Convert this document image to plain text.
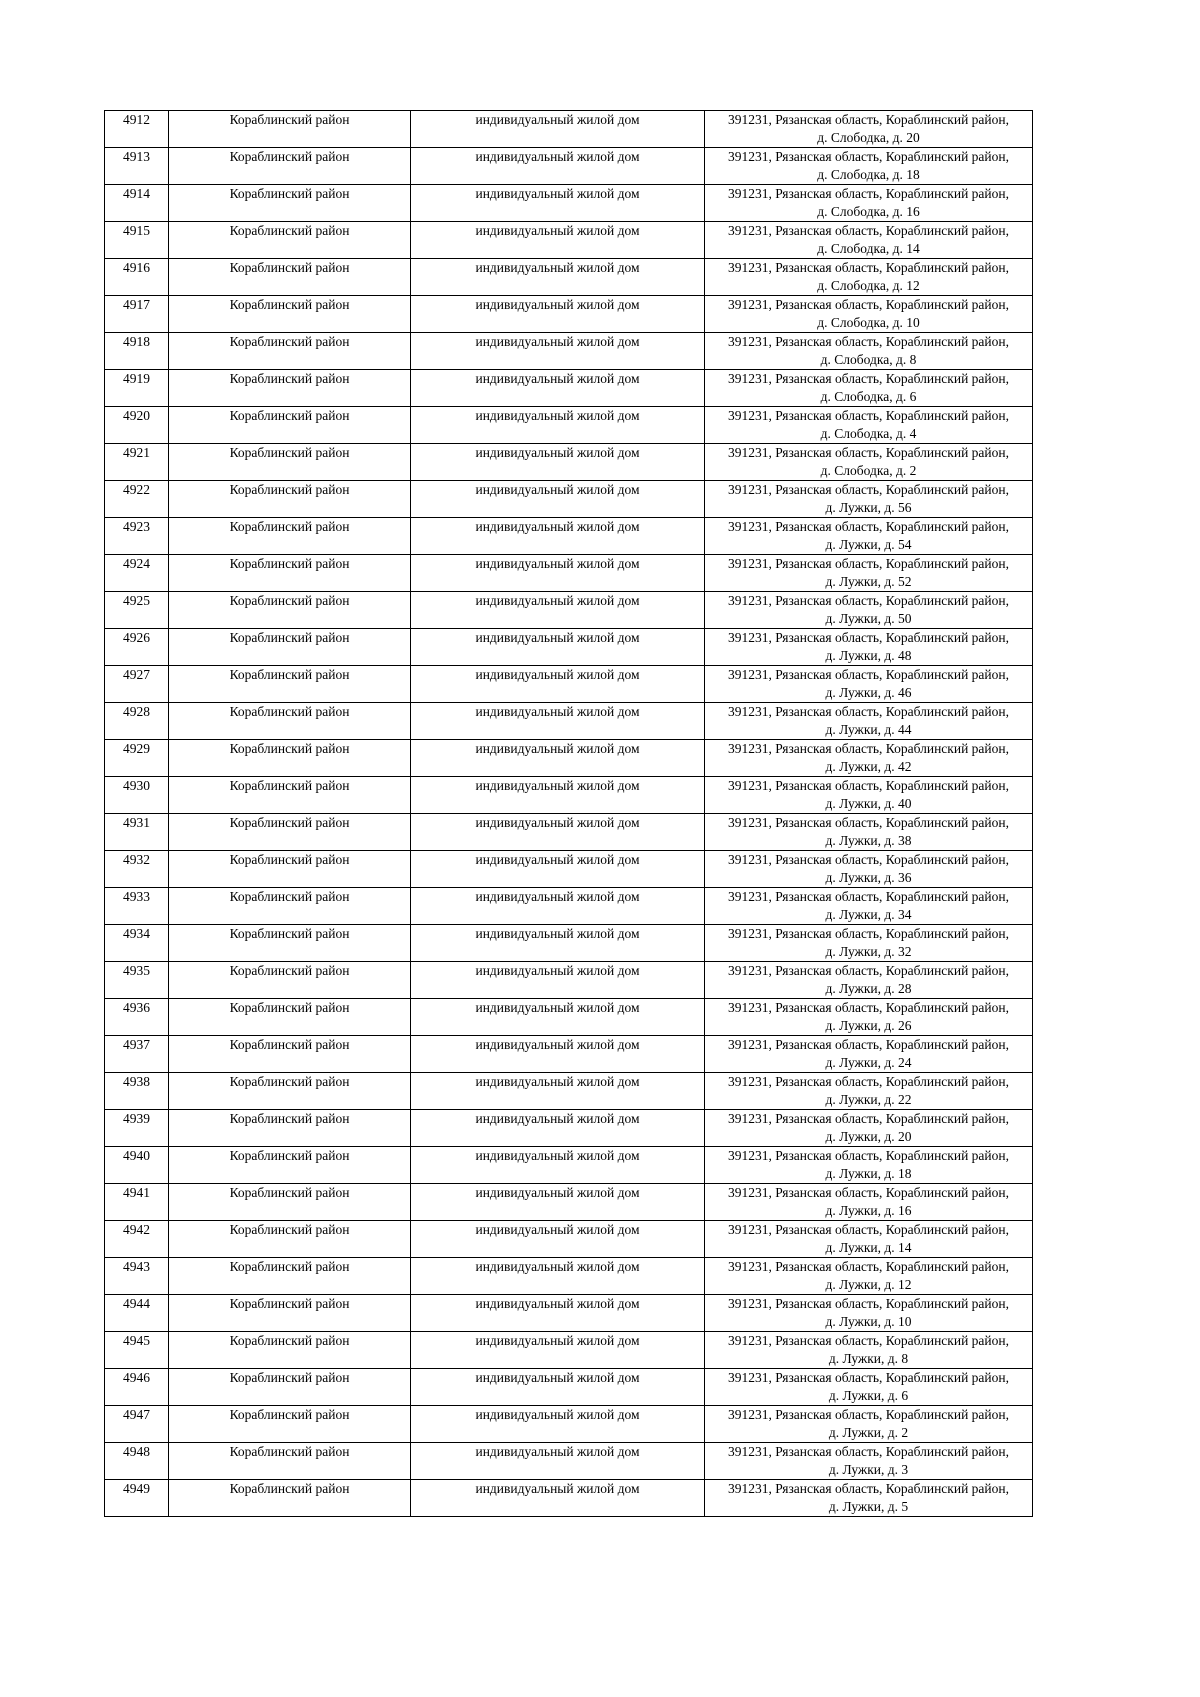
4912	Кораблинский район	индивидуальный жилой дом	391231, Рязанская область, Кораблинский район,
д. Слободка, д. 20

4913	Кораблинский район	индивидуальный жилой дом	391231, Рязанская область, Кораблинский район,
д. Слободка, д. 18

4914	Кораблинский район	индивидуальный жилой дом	391231, Рязанская область, Кораблинский район,
д. Слободка, д. 16

4915	Кораблинский район	индивидуальный жилой дом	391231, Рязанская область, Кораблинский район,
д. Слободка, д. 14

4916	Кораблинский район	индивидуальный жилой дом	391231, Рязанская область, Кораблинский район,
д. Слободка, д. 12

4917	Кораблинский район	индивидуальный жилой дом	391231, Рязанская область, Кораблинский район,
д. Слободка, д. 10

4918	Кораблинский район	индивидуальный жилой дом	391231, Рязанская область, Кораблинский район,
д. Слободка, д. 8

4919	Кораблинский район	индивидуальный жилой дом	391231, Рязанская область, Кораблинский район,
д. Слободка, д. 6

4920	Кораблинский район	индивидуальный жилой дом	391231, Рязанская область, Кораблинский район,
д. Слободка, д. 4

4921	Кораблинский район	индивидуальный жилой дом	391231, Рязанская область, Кораблинский район,
д. Слободка, д. 2

4922	Кораблинский район	индивидуальный жилой дом	391231, Рязанская область, Кораблинский район,
д. Лужки, д. 56

4923	Кораблинский район	индивидуальный жилой дом	391231, Рязанская область, Кораблинский район,
д. Лужки, д. 54

4924	Кораблинский район	индивидуальный жилой дом	391231, Рязанская область, Кораблинский район,
д. Лужки, д. 52

4925	Кораблинский район	индивидуальный жилой дом	391231, Рязанская область, Кораблинский район,
д. Лужки, д. 50

4926	Кораблинский район	индивидуальный жилой дом	391231, Рязанская область, Кораблинский район,
д. Лужки, д. 48

4927	Кораблинский район	индивидуальный жилой дом	391231, Рязанская область, Кораблинский район,
д. Лужки, д. 46

4928	Кораблинский район	индивидуальный жилой дом	391231, Рязанская область, Кораблинский район,
д. Лужки, д. 44

4929	Кораблинский район	индивидуальный жилой дом	391231, Рязанская область, Кораблинский район,
д. Лужки, д. 42

4930	Кораблинский район	индивидуальный жилой дом	391231, Рязанская область, Кораблинский район,
д. Лужки, д. 40

4931	Кораблинский район	индивидуальный жилой дом	391231, Рязанская область, Кораблинский район,
д. Лужки, д. 38

4932	Кораблинский район	индивидуальный жилой дом	391231, Рязанская область, Кораблинский район,
д. Лужки, д. 36

4933	Кораблинский район	индивидуальный жилой дом	391231, Рязанская область, Кораблинский район,
д. Лужки, д. 34

4934	Кораблинский район	индивидуальный жилой дом	391231, Рязанская область, Кораблинский район,
д. Лужки, д. 32

4935	Кораблинский район	индивидуальный жилой дом	391231, Рязанская область, Кораблинский район,
д. Лужки, д. 28

4936	Кораблинский район	индивидуальный жилой дом	391231, Рязанская область, Кораблинский район,
д. Лужки, д. 26

4937	Кораблинский район	индивидуальный жилой дом	391231, Рязанская область, Кораблинский район,
д. Лужки, д. 24

4938	Кораблинский район	индивидуальный жилой дом	391231, Рязанская область, Кораблинский район,
д. Лужки, д. 22

4939	Кораблинский район	индивидуальный жилой дом	391231, Рязанская область, Кораблинский район,
д. Лужки, д. 20

4940	Кораблинский район	индивидуальный жилой дом	391231, Рязанская область, Кораблинский район,
д. Лужки, д. 18

4941	Кораблинский район	индивидуальный жилой дом	391231, Рязанская область, Кораблинский район,
д. Лужки, д. 16

4942	Кораблинский район	индивидуальный жилой дом	391231, Рязанская область, Кораблинский район,
д. Лужки, д. 14

4943	Кораблинский район	индивидуальный жилой дом	391231, Рязанская область, Кораблинский район,
д. Лужки, д. 12

4944	Кораблинский район	индивидуальный жилой дом	391231, Рязанская область, Кораблинский район,
д. Лужки, д. 10

4945	Кораблинский район	индивидуальный жилой дом	391231, Рязанская область, Кораблинский район,
д. Лужки, д. 8

4946	Кораблинский район	индивидуальный жилой дом	391231, Рязанская область, Кораблинский район,
д. Лужки, д. 6

4947	Кораблинский район	индивидуальный жилой дом	391231, Рязанская область, Кораблинский район,
д. Лужки, д. 2

4948	Кораблинский район	индивидуальный жилой дом	391231, Рязанская область, Кораблинский район,
д. Лужки, д. 3

4949	Кораблинский район	индивидуальный жилой дом	391231, Рязанская область, Кораблинский район,
д. Лужки, д. 5
